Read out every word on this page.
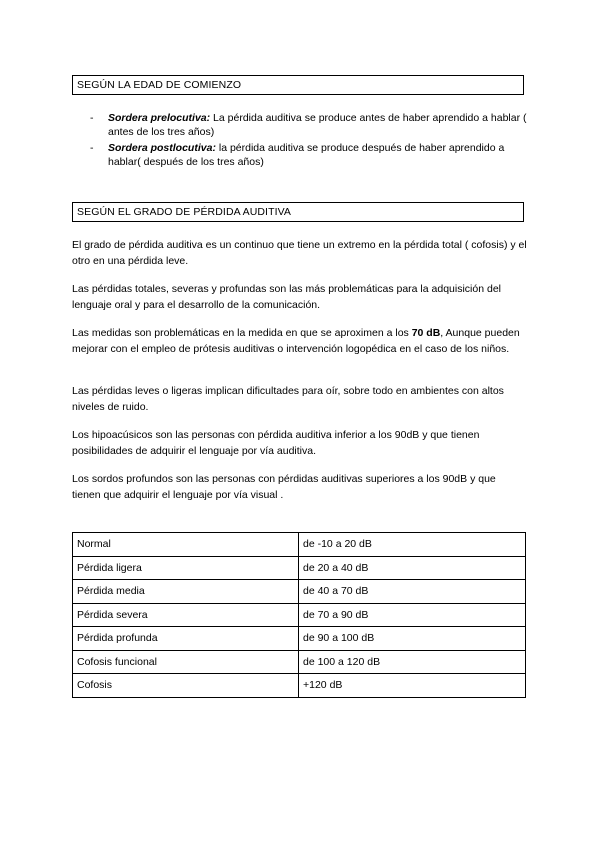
SEGÚN LA EDAD DE COMIENZO
- Sordera prelocutiva: La pérdida auditiva se produce antes de haber aprendido a hablar ( antes de los tres años)
- Sordera postlocutiva: la pérdida auditiva se produce después de haber aprendido a hablar( después de los tres años)
SEGÚN EL GRADO DE PÉRDIDA AUDITIVA

El grado de pérdida auditiva es un continuo que tiene un extremo en la pérdida total ( cofosis) y el otro en una pérdida leve.

Las pérdidas totales, severas y profundas son las más problemáticas para la adquisición del lenguaje oral y para el desarrollo de la comunicación.

Las medidas son problemáticas en la medida en que se aproximen a los 70 dB, Aunque pueden mejorar con el empleo de prótesis auditivas o intervención logopédica en el caso de los niños.

Las pérdidas leves o ligeras implican dificultades para oír, sobre todo en ambientes con altos niveles de ruido.

Los hipoacúsicos son las personas con pérdida auditiva inferior a los 90dB y que tienen posibilidades de adquirir el lenguaje por vía auditiva.

Los sordos profundos son las personas con pérdidas auditivas superiores a los 90dB y que tienen que adquirir el lenguaje por vía visual .

Normal	de -10 a 20 dB
Pérdida ligera	de 20 a 40 dB
Pérdida media	de 40 a 70 dB
Pérdida severa	de 70 a 90 dB
Pérdida profunda	de 90 a 100 dB
Cofosis funcional	de 100 a 120 dB
Cofosis	+120 dB
